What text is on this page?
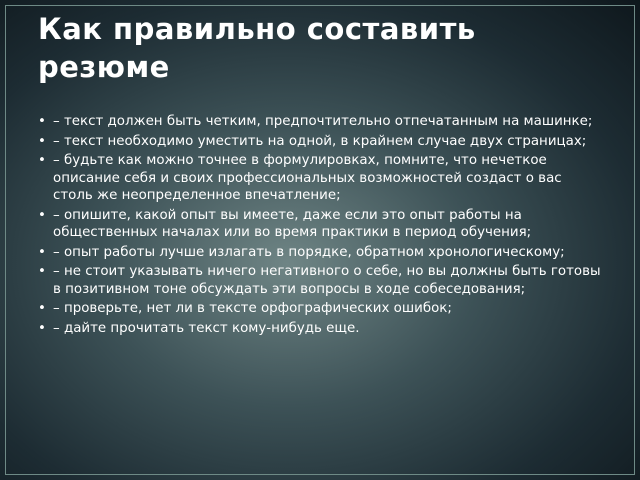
Как правильно составить резюме
• – текст должен быть четким, предпочтительно отпечатанным на машинке;
• – текст необходимо уместить на одной, в крайнем случае двух страницах;
• – будьте как можно точнее в формулировках, помните, что нечеткое описание себя и своих профессиональных возможностей создаст о вас столь же неопределенное впечатление;
• – опишите, какой опыт вы имеете, даже если это опыт работы на общественных началах или во время практики в период обучения;
• – опыт работы лучше излагать в порядке, обратном хронологическому;
• – не стоит указывать ничего негативного о себе, но вы должны быть готовы в позитивном тоне обсуждать эти вопросы в ходе собеседования;
• – проверьте, нет ли в тексте орфографических ошибок;
• – дайте прочитать текст кому-нибудь еще.
